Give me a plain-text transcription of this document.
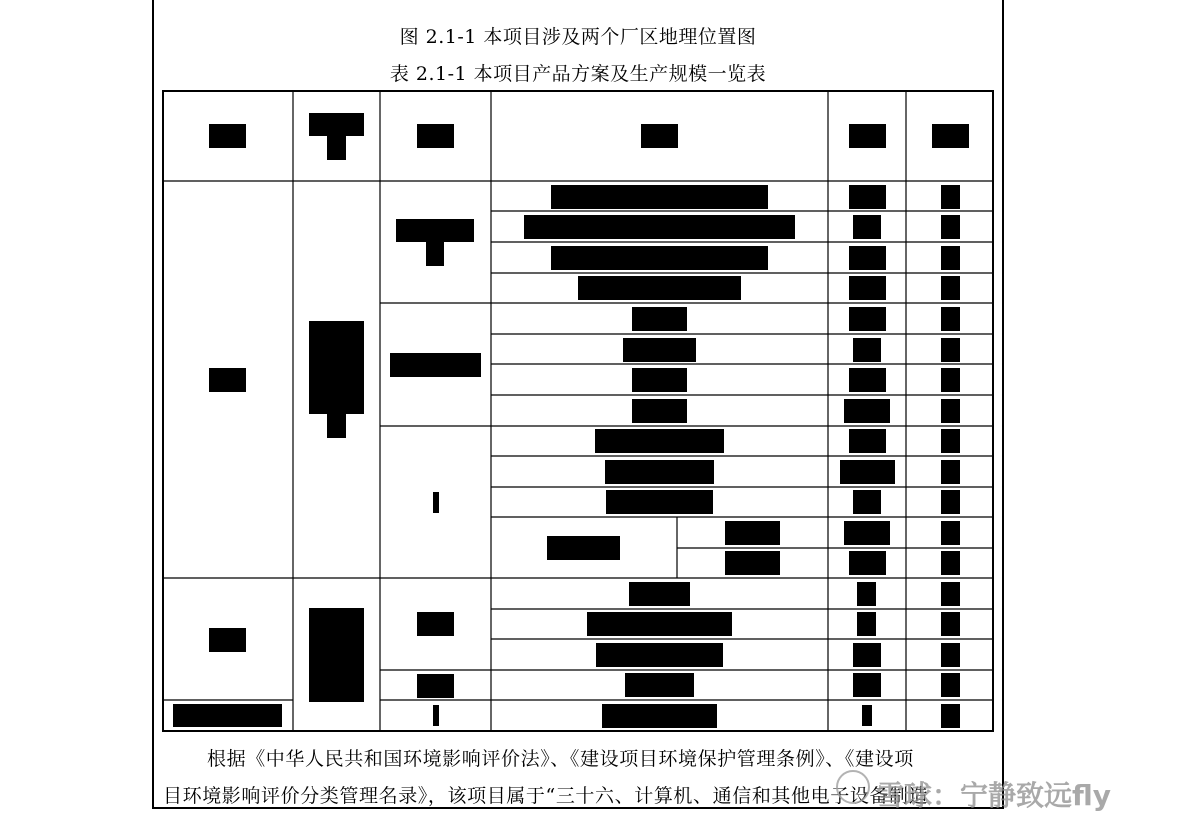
图 2.1-1 本项目涉及两个厂区地理位置图
表 2.1-1 本项目产品方案及生产规模一览表
根据《中华人民共和国环境影响评价法》、《建设项目环境保护管理条例》、《建设项
目环境影响评价分类管理名录》，该项目属于“三十六、计算机、通信和其他电子设备制造
雪球：宁静致远fly
